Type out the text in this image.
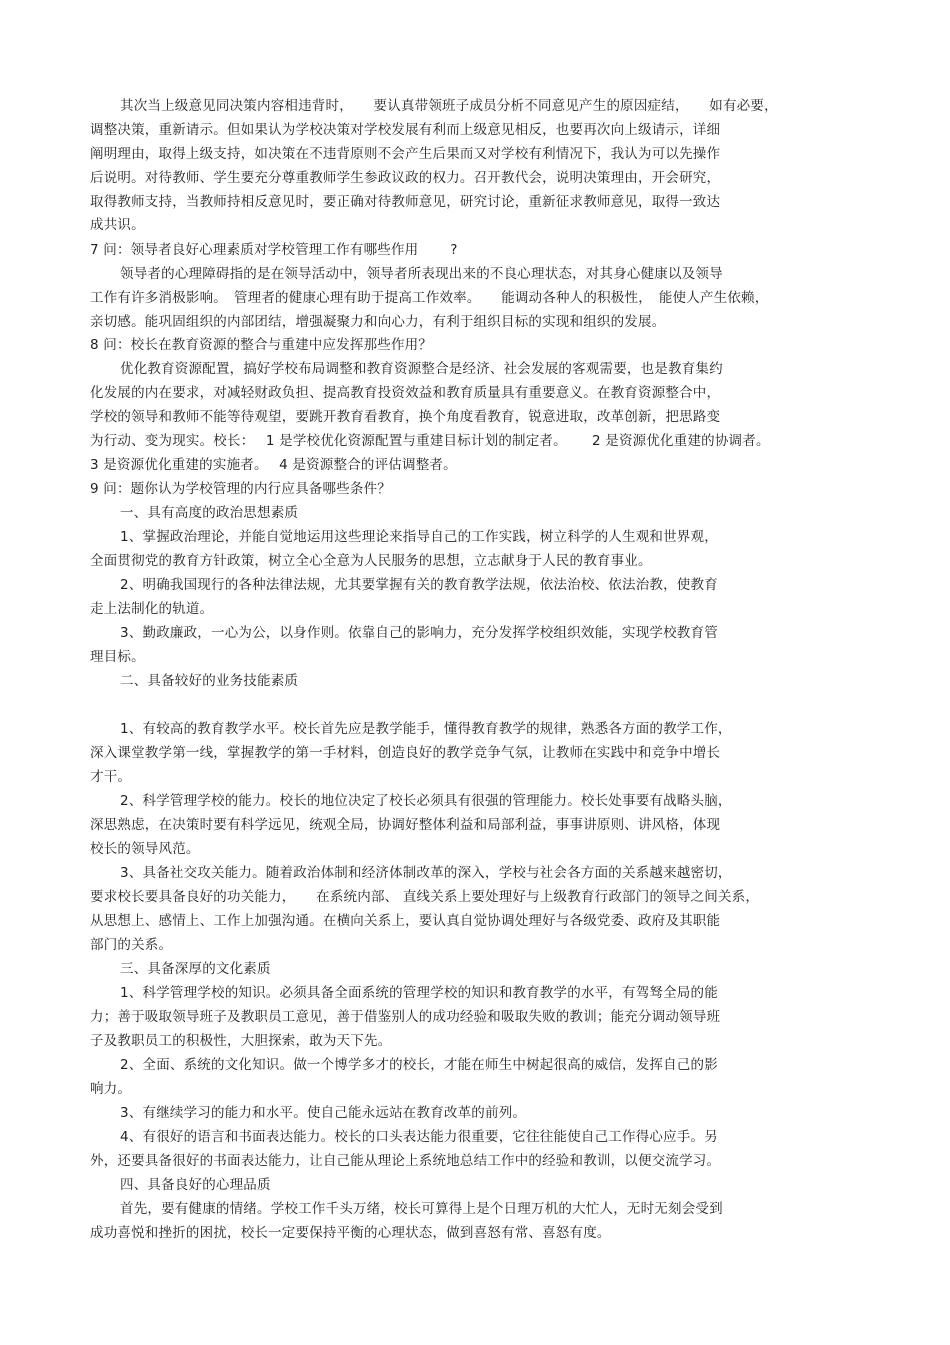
其次当上级意见同决策内容相违背时，　　要认真带领班子成员分析不同意见产生的原因症结，　　如有必要，
调整决策，重新请示。但如果认为学校决策对学校发展有利而上级意见相反，也要再次向上级请示，详细
阐明理由，取得上级支持，如决策在不违背原则不会产生后果而又对学校有利情况下，我认为可以先操作
后说明。对待教师、学生要充分尊重教师学生参政议政的权力。召开教代会，说明决策理由，开会研究，
取得教师支持，当教师持相反意见时，要正确对待教师意见，研究讨论，重新征求教师意见，取得一致达
成共识。
7 问：领导者良好心理素质对学校管理工作有哪些作用　　 ?
领导者的心理障碍指的是在领导活动中，领导者所表现出来的不良心理状态，对其身心健康以及领导
工作有许多消极影响。　管理者的健康心理有助于提高工作效率。　　能调动各种人的积极性，　能使人产生依赖，
亲切感。能巩固组织的内部团结，增强凝聚力和向心力，有利于组织目标的实现和组织的发展。
8 问：校长在教育资源的整合与重建中应发挥那些作用？
优化教育资源配置，搞好学校布局调整和教育资源整合是经济、社会发展的客观需要，也是教育集约
化发展的内在要求，对减轻财政负担、提高教育投资效益和教育质量具有重要意义。在教育资源整合中，
学校的领导和教师不能等待观望，要跳开教育看教育，换个角度看教育，锐意进取，改革创新，把思路变
为行动、变为现实。校长：　 1 是学校优化资源配置与重建目标计划的制定者。　　 2 是资源优化重建的协调者。
3 是资源优化重建的实施者。　 4 是资源整合的评估调整者。
9 问：题你认为学校管理的内行应具备哪些条件？
一、具有高度的政治思想素质
1、掌握政治理论，并能自觉地运用这些理论来指导自己的工作实践，树立科学的人生观和世界观，
全面贯彻党的教育方针政策，树立全心全意为人民服务的思想，立志献身于人民的教育事业。
2、明确我国现行的各种法律法规，尤其要掌握有关的教育教学法规，依法治校、依法治教，使教育
走上法制化的轨道。
3、勤政廉政，一心为公，以身作则。依靠自己的影响力，充分发挥学校组织效能，实现学校教育管
理目标。
二、具备较好的业务技能素质
1、有较高的教育教学水平。校长首先应是教学能手，懂得教育教学的规律，熟悉各方面的教学工作，
深入课堂教学第一线，掌握教学的第一手材料，创造良好的教学竞争气氛，让教师在实践中和竞争中增长
才干。
2、科学管理学校的能力。校长的地位决定了校长必须具有很强的管理能力。校长处事要有战略头脑，
深思熟虑，在决策时要有科学远见，统观全局，协调好整体利益和局部利益，事事讲原则、讲风格，体现
校长的领导风范。
3、具备社交攻关能力。随着政治体制和经济体制改革的深入，学校与社会各方面的关系越来越密切，
要求校长要具备良好的功关能力，　　在系统内部、 直线关系上要处理好与上级教育行政部门的领导之间关系，
从思想上、感情上、工作上加强沟通。在横向关系上，要认真自觉协调处理好与各级党委、政府及其职能
部门的关系。
三、具备深厚的文化素质
1、科学管理学校的知识。必须具备全面系统的管理学校的知识和教育教学的水平，有驾驽全局的能
力；善于吸取领导班子及教职员工意见，善于借鉴别人的成功经验和吸取失败的教训；能充分调动领导班
子及教职员工的积极性，大胆探索，敢为天下先。
2、全面、系统的文化知识。做一个博学多才的校长，才能在师生中树起很高的威信，发挥自己的影
响力。
3、有继续学习的能力和水平。使自己能永远站在教育改革的前列。
4、有很好的语言和书面表达能力。校长的口头表达能力很重要，它往往能使自己工作得心应手。另
外，还要具备很好的书面表达能力，让自己能从理论上系统地总结工作中的经验和教训，以便交流学习。
四、具备良好的心理品质
首先，要有健康的情绪。学校工作千头万绪，校长可算得上是个日理万机的大忙人，无时无刻会受到
成功喜悦和挫折的困扰，校长一定要保持平衡的心理状态，做到喜怒有常、喜怒有度。
